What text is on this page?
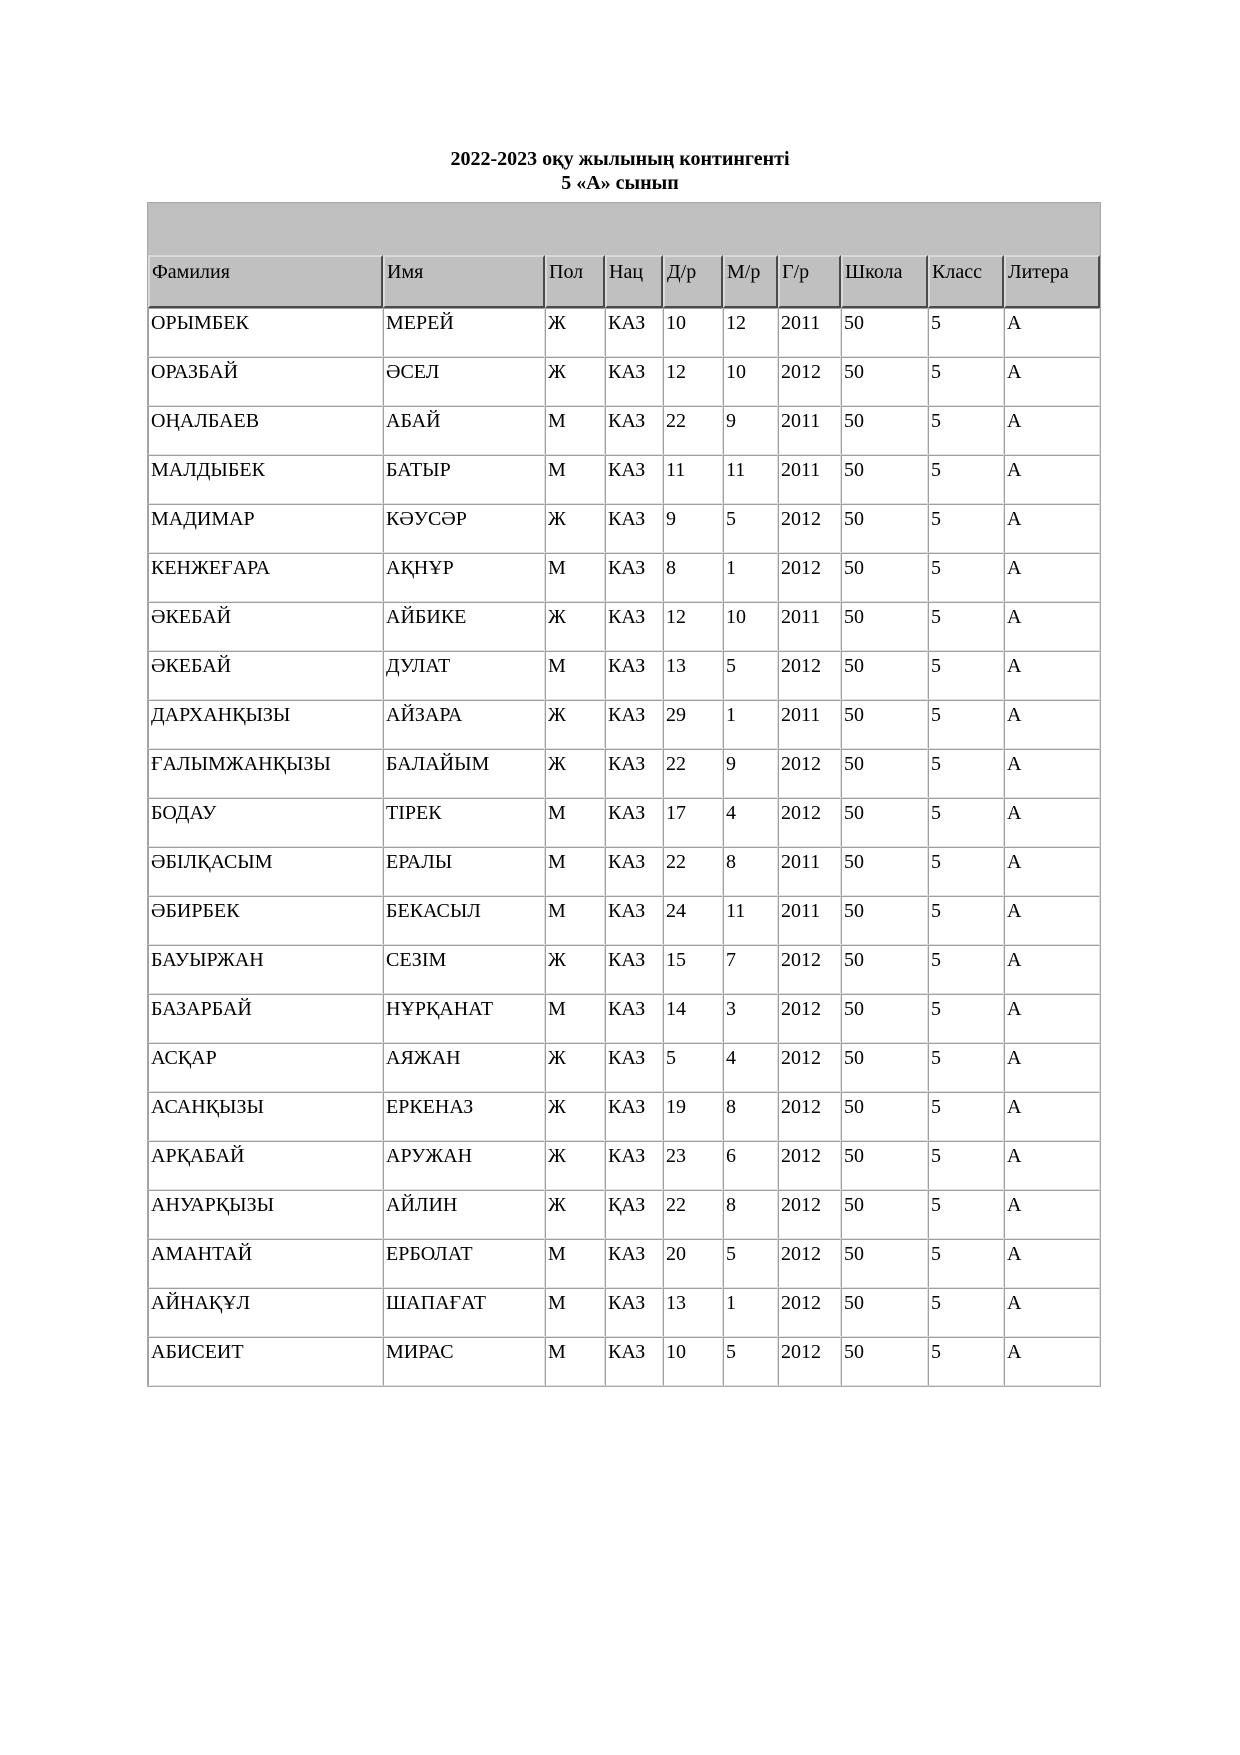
2022-2023 оқу жылының контингенті
5 «А» сынып

Фамилия	Имя	Пол	Нац	Д/р	М/р	Г/р	Школа	Класс	Литера
ОРЫМБЕК	МЕРЕЙ	Ж	КАЗ	10	12	2011	50	5	А
ОРАЗБАЙ	ӘСЕЛ	Ж	КАЗ	12	10	2012	50	5	А
ОҢАЛБАЕВ	АБАЙ	М	КАЗ	22	9	2011	50	5	А
МАЛДЫБЕК	БАТЫР	М	КАЗ	11	11	2011	50	5	А
МАДИМАР	КӘУСӘР	Ж	КАЗ	9	5	2012	50	5	А
КЕНЖЕҒАРА	АҚНҰР	М	КАЗ	8	1	2012	50	5	А
ӘКЕБАЙ	АЙБИКЕ	Ж	КАЗ	12	10	2011	50	5	А
ӘКЕБАЙ	ДУЛАТ	М	КАЗ	13	5	2012	50	5	А
ДАРХАНҚЫЗЫ	АЙЗАРА	Ж	КАЗ	29	1	2011	50	5	А
ҒАЛЫМЖАНҚЫЗЫ	БАЛАЙЫМ	Ж	КАЗ	22	9	2012	50	5	А
БОДАУ	ТІРЕК	М	КАЗ	17	4	2012	50	5	А
ӘБІЛҚАСЫМ	ЕРАЛЫ	М	КАЗ	22	8	2011	50	5	А
ӘБИРБЕК	БЕКАСЫЛ	М	КАЗ	24	11	2011	50	5	А
БАУЫРЖАН	СЕЗІМ	Ж	КАЗ	15	7	2012	50	5	А
БАЗАРБАЙ	НҰРҚАНАТ	М	КАЗ	14	3	2012	50	5	А
АСҚАР	АЯЖАН	Ж	КАЗ	5	4	2012	50	5	А
АСАНҚЫЗЫ	ЕРКЕНАЗ	Ж	КАЗ	19	8	2012	50	5	А
АРҚАБАЙ	АРУЖАН	Ж	КАЗ	23	6	2012	50	5	А
АНУАРҚЫЗЫ	АЙЛИН	Ж	ҚАЗ	22	8	2012	50	5	А
АМАНТАЙ	ЕРБОЛАТ	М	КАЗ	20	5	2012	50	5	А
АЙНАҚҰЛ	ШАПАҒАТ	М	КАЗ	13	1	2012	50	5	А
АБИСЕИТ	МИРАС	М	КАЗ	10	5	2012	50	5	А
